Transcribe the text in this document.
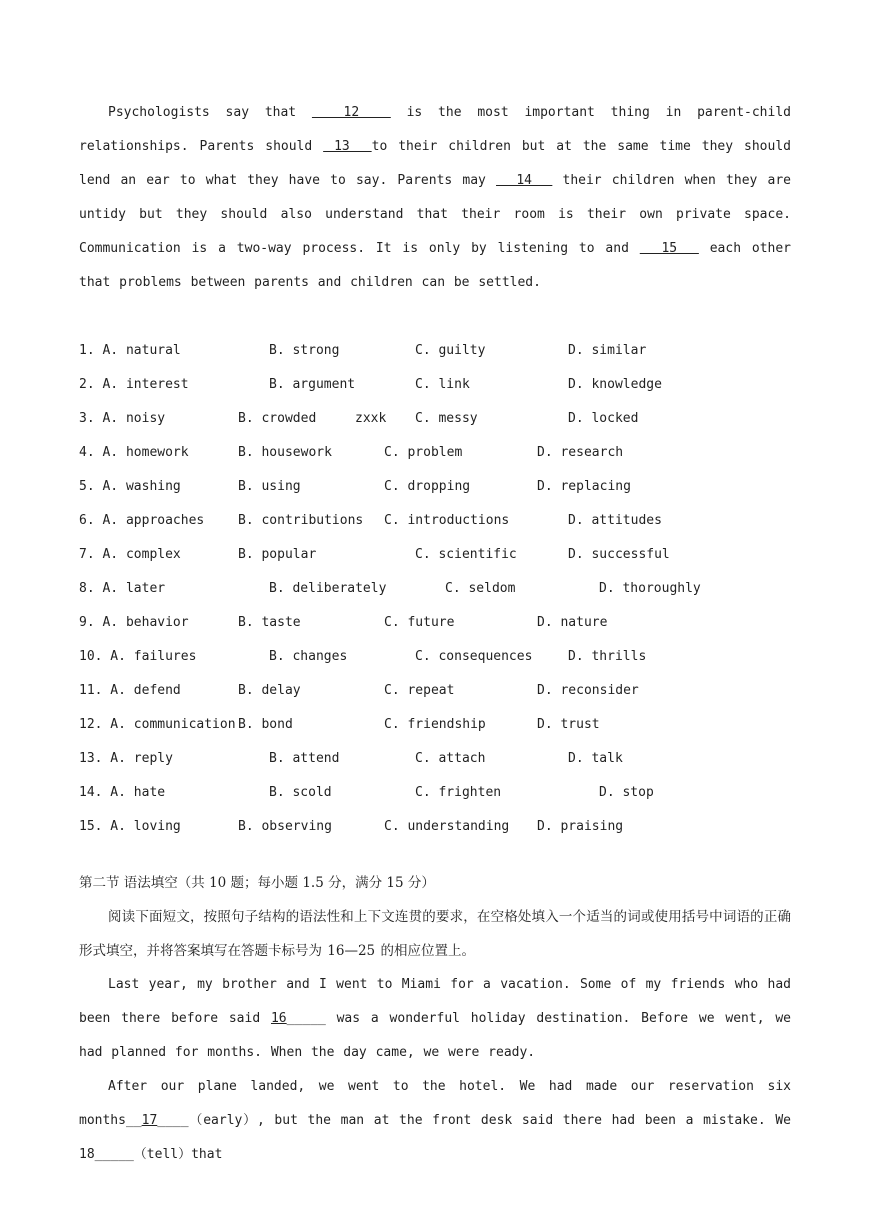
Psychologists say that   12   is the most important thing in parent-child relationships. Parents should  13  to their children but at the same time they should lend an ear to what they have to say. Parents may   14   their children when they are untidy but they should also understand that their room is their own private space. Communication is a two-way process. It is only by listening to and   15   each other that problems between parents and children can be settled.

1. A. natural	B. strong	C. guilty	D. similar
2. A. interest	B. argument	C. link	D. knowledge
3. A. noisy	B. crowded	zxxk C. messy	D. locked
4. A. homework	B. housework	C. problem	D. research
5. A. washing	B. using	C. dropping	D. replacing
6. A. approaches	B. contributions C. introductions	D. attitudes
7. A. complex	B. popular	C. scientific	D. successful
8. A. later	B. deliberately	C. seldom	D. thoroughly
9. A. behavior	B. taste	C. future	D. nature
10. A. failures	B. changes	C. consequences	D. thrills
11. A. defend	B. delay	C. repeat	D. reconsider
12. A. communication B. bond	C. friendship	D. trust
13. A. reply	B. attend	C. attach	D. talk
14. A. hate	B. scold	C. frighten	D. stop
15. A. loving	B. observing	C. understanding D. praising

第二节 语法填空（共 10 题；每小题 1.5 分，满分 15 分）

阅读下面短文，按照句子结构的语法性和上下文连贯的要求，在空格处填入一个适当的词或使用括号中词语的正确形式填空，并将答案填写在答题卡标号为 16—25 的相应位置上。

Last year, my brother and I went to Miami for a vacation. Some of my friends who had been there before said 16_____ was a wonderful holiday destination. Before we went, we had planned for months. When the day came, we were ready.

After our plane landed, we went to the hotel. We had made our reservation six months__17____（early）, but the man at the front desk said there had been a mistake. We 18_____（tell）that
